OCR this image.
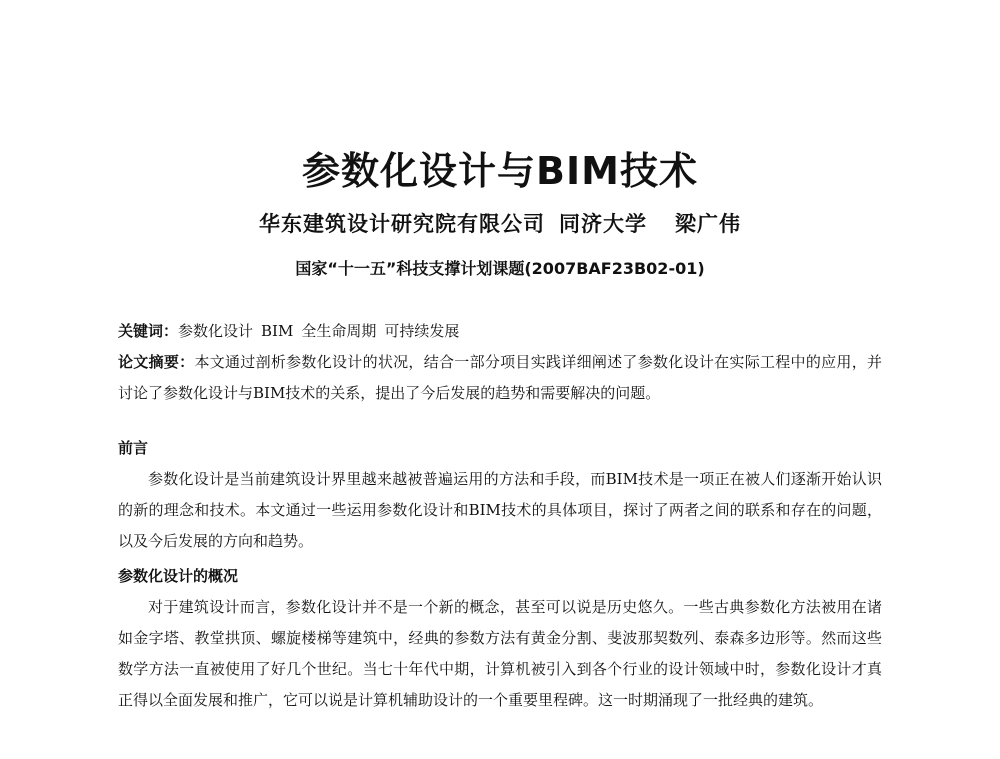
参数化设计与BIM技术
华东建筑设计研究院有限公司 同济大学 梁广伟
国家“十一五”科技支撑计划课题(2007BAF23B02-01)
关键词：参数化设计 BIM 全生命周期 可持续发展
论文摘要：本文通过剖析参数化设计的状况，结合一部分项目实践详细阐述了参数化设计在实际工程中的应用，并讨论了参数化设计与BIM技术的关系，提出了今后发展的趋势和需要解决的问题。
前言
参数化设计是当前建筑设计界里越来越被普遍运用的方法和手段，而BIM技术是一项正在被人们逐渐开始认识的新的理念和技术。本文通过一些运用参数化设计和BIM技术的具体项目，探讨了两者之间的联系和存在的问题，以及今后发展的方向和趋势。
参数化设计的概况
对于建筑设计而言，参数化设计并不是一个新的概念，甚至可以说是历史悠久。一些古典参数化方法被用在诸如金字塔、教堂拱顶、螺旋楼梯等建筑中，经典的参数方法有黄金分割、斐波那契数列、泰森多边形等。然而这些数学方法一直被使用了好几个世纪。当七十年代中期，计算机被引入到各个行业的设计领域中时，参数化设计才真正得以全面发展和推广，它可以说是计算机辅助设计的一个重要里程碑。这一时期涌现了一批经典的建筑。
